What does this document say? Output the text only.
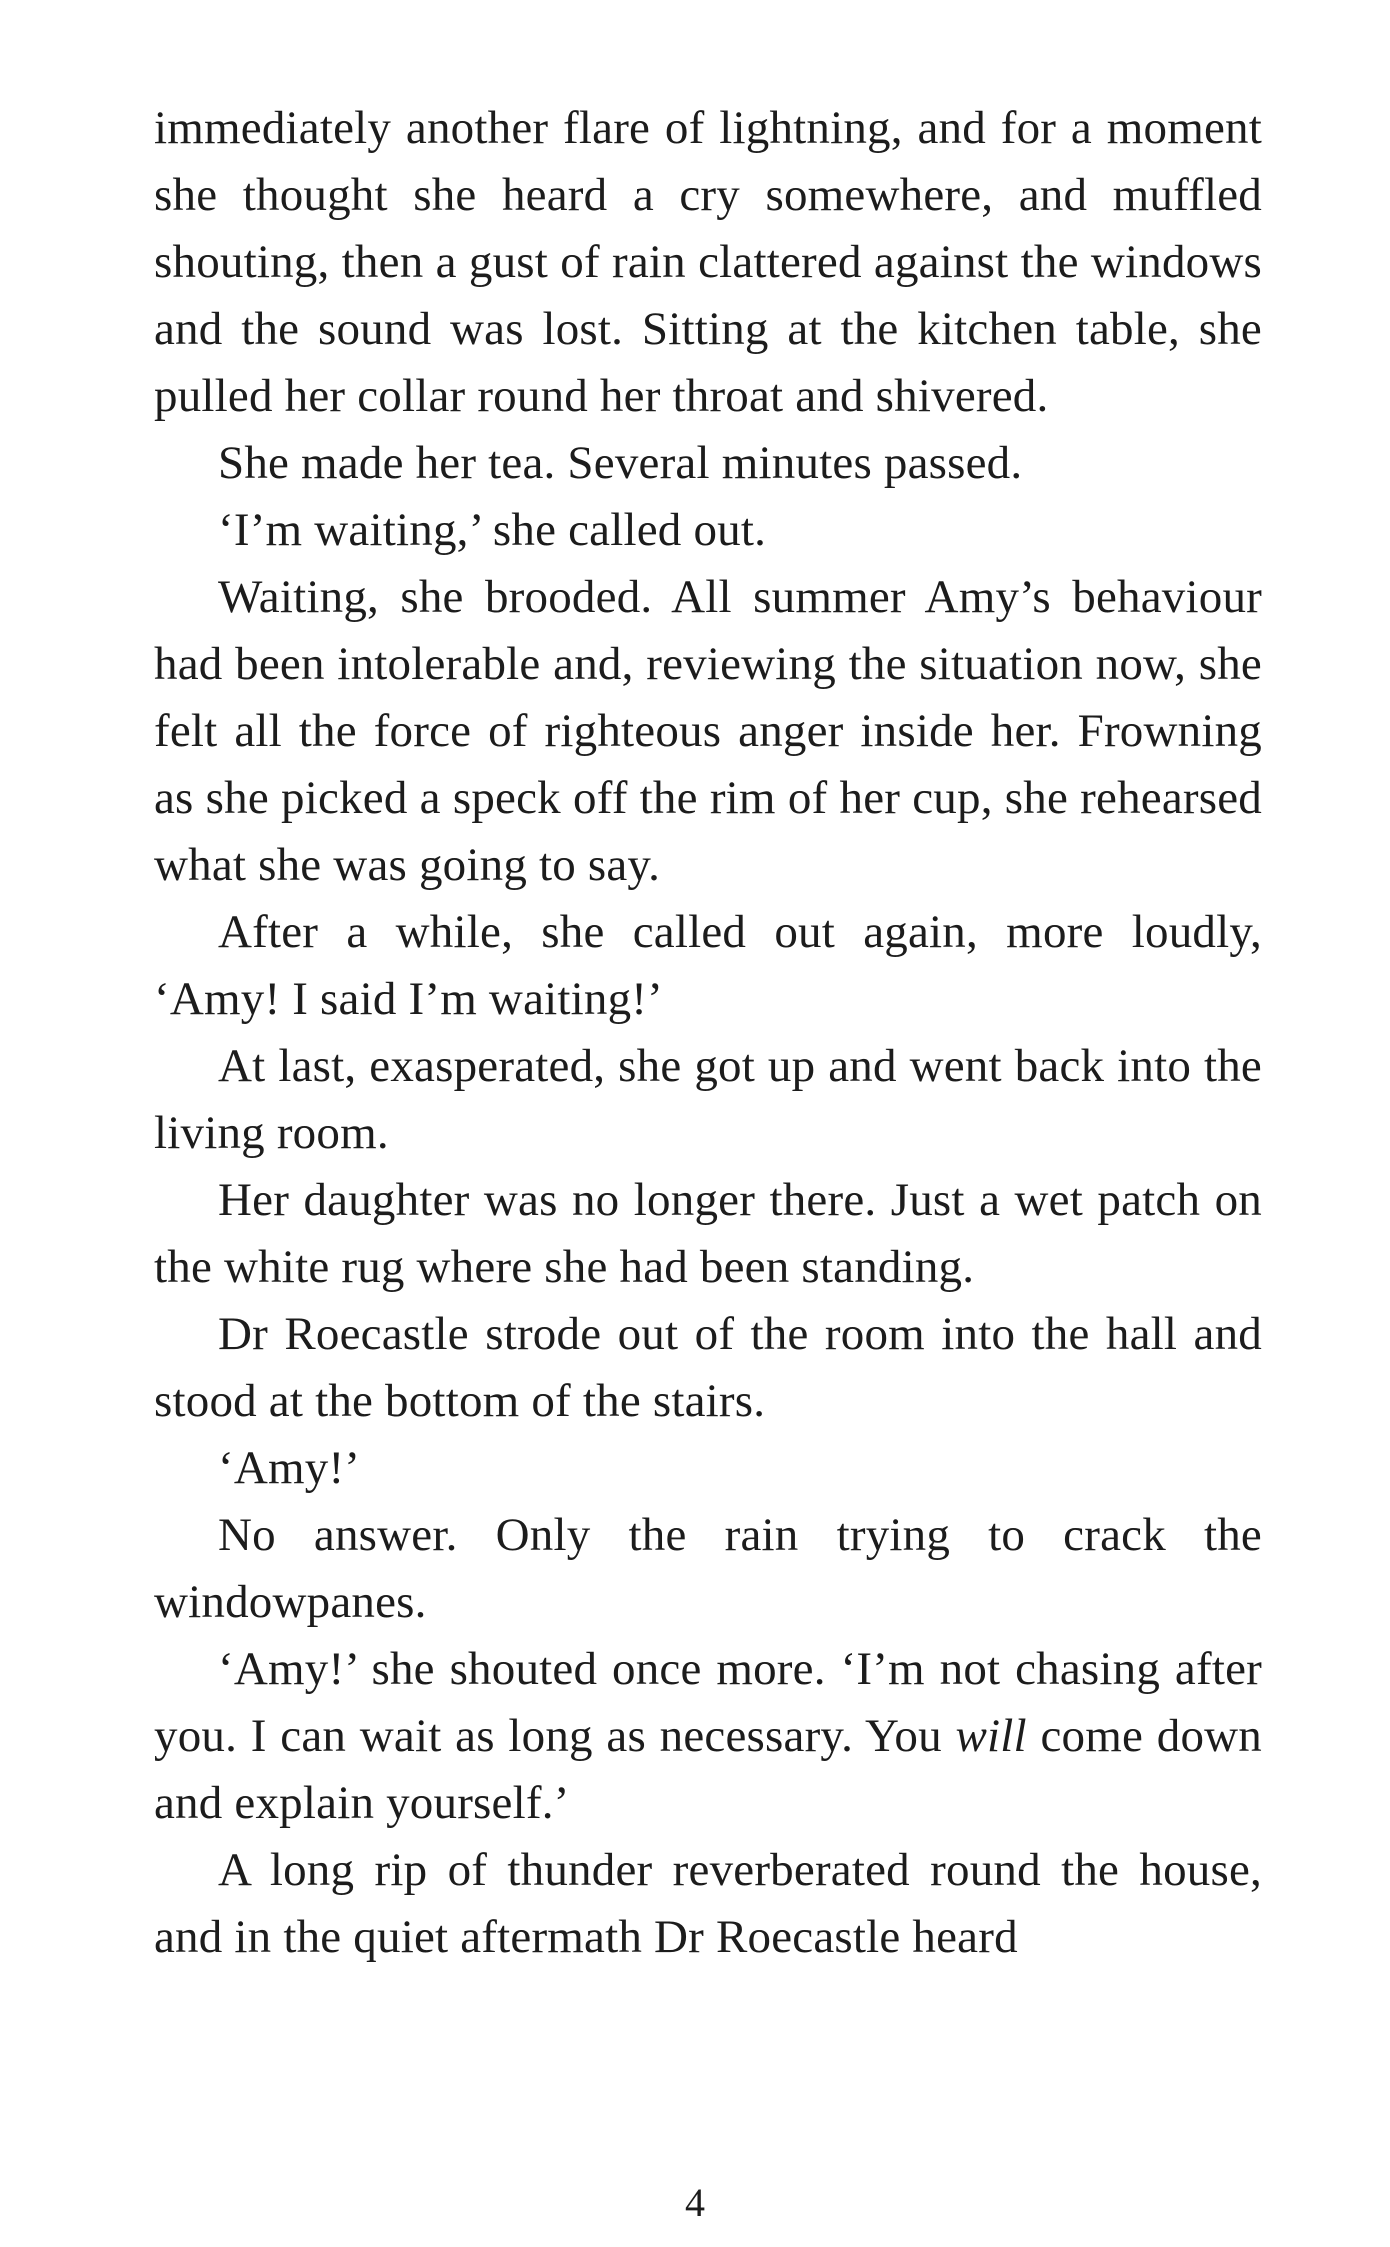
immediately another flare of lightning, and for a moment she thought she heard a cry somewhere, and muffled shouting, then a gust of rain clattered against the windows and the sound was lost. Sitting at the kitchen table, she pulled her collar round her throat and shivered.

She made her tea. Several minutes passed.

‘I’m waiting,’ she called out.

Waiting, she brooded. All summer Amy’s behaviour had been intolerable and, reviewing the situation now, she felt all the force of righteous anger inside her. Frowning as she picked a speck off the rim of her cup, she rehearsed what she was going to say.

After a while, she called out again, more loudly, ‘Amy! I said I’m waiting!’

At last, exasperated, she got up and went back into the living room.

Her daughter was no longer there. Just a wet patch on the white rug where she had been standing.

Dr Roecastle strode out of the room into the hall and stood at the bottom of the stairs.

‘Amy!’

No answer. Only the rain trying to crack the windowpanes.

‘Amy!’ she shouted once more. ‘I’m not chasing after you. I can wait as long as necessary. You will come down and explain yourself.’

A long rip of thunder reverberated round the house, and in the quiet aftermath Dr Roecastle heard

4
